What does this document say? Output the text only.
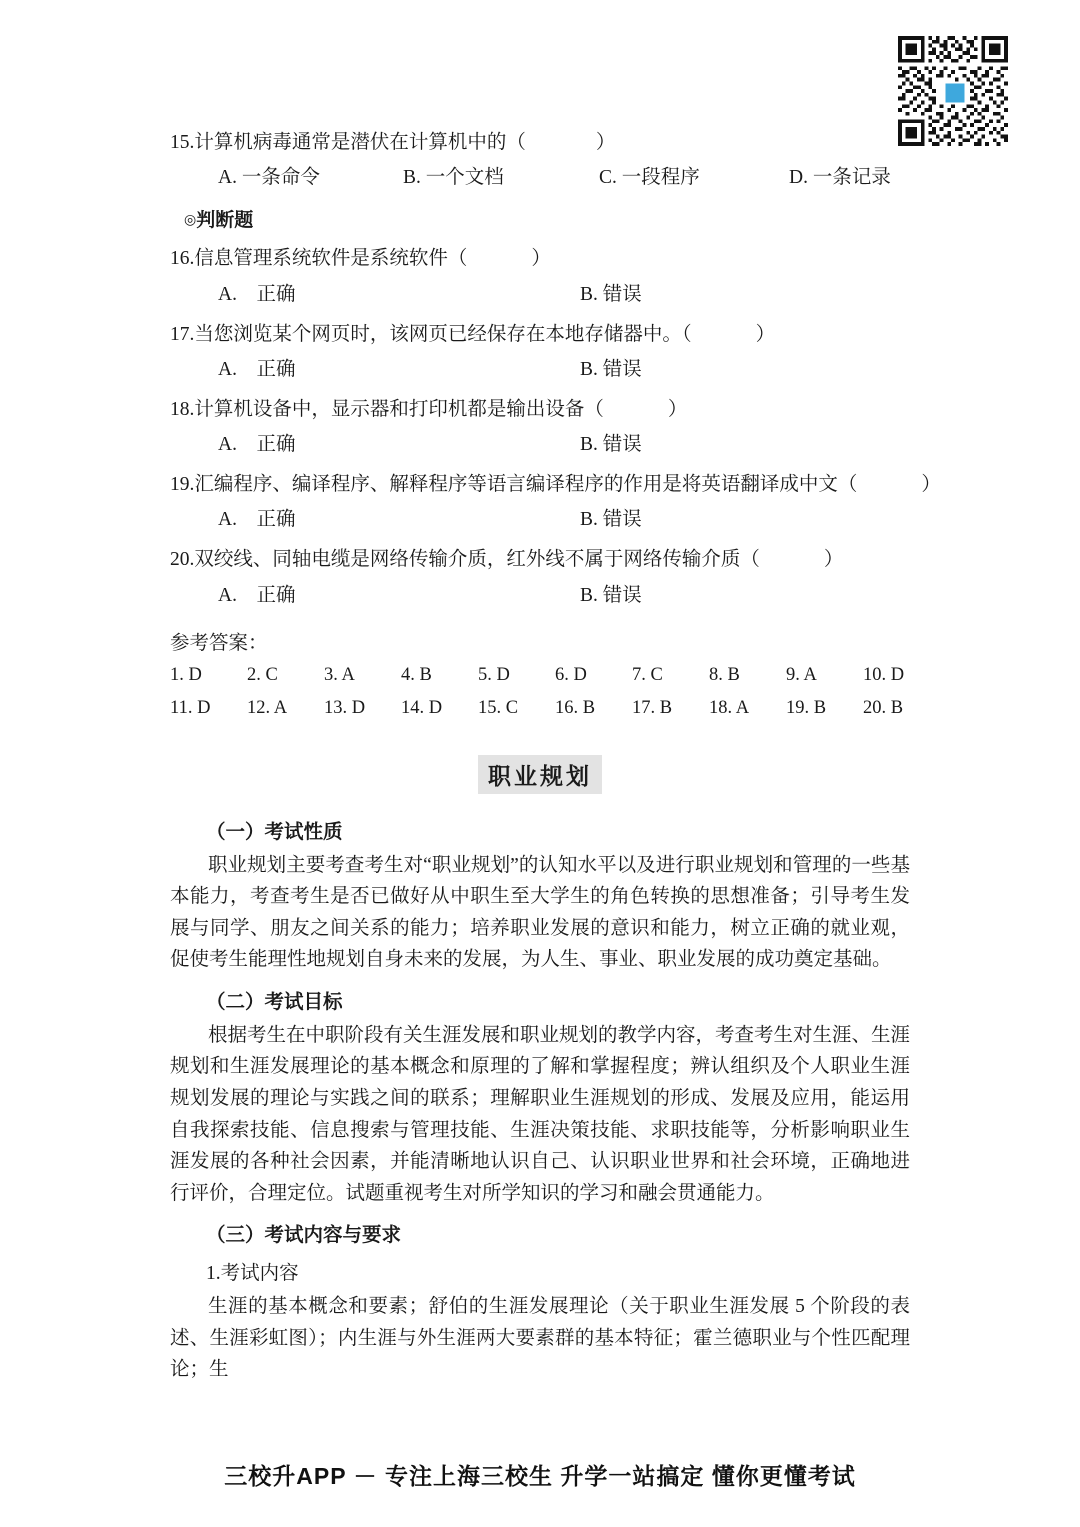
15.计算机病毒通常是潜伏在计算机中的（	）

A. 一条命令	B. 一个文档	C. 一段程序	D. 一条记录
◎判断题

16.信息管理系统软件是系统软件（	）

A.　正确	B. 错误

17.当您浏览某个网页时，该网页已经保存在本地存储器中。（	）

A.　正确	B. 错误

18.计算机设备中，显示器和打印机都是输出设备（	）

A.　正确	B. 错误

19.汇编程序、编译程序、解释程序等语言编译程序的作用是将英语翻译成中文（	）

A.　正确	B. 错误

20.双绞线、同轴电缆是网络传输介质，红外线不属于网络传输介质（	）

A.　正确	B. 错误
参考答案：
1. D	2. C	3. A	4. B	5. D	6. D	7. C	8. B	9. A	10. D
11. D	12. A	13. D	14. D	15. C	16. B	17. B	18. A	19. B	20. B
职业规划
（一）考试性质

职业规划主要考查考生对“职业规划”的认知水平以及进行职业规划和管理的一些基本能力，考查考生是否已做好从中职生至大学生的角色转换的思想准备；引导考生发展与同学、朋友之间关系的能力；培养职业发展的意识和能力，树立正确的就业观，促使考生能理性地规划自身未来的发展，为人生、事业、职业发展的成功奠定基础。

（二）考试目标

根据考生在中职阶段有关生涯发展和职业规划的教学内容，考查考生对生涯、生涯规划和生涯发展理论的基本概念和原理的了解和掌握程度；辨认组织及个人职业生涯规划发展的理论与实践之间的联系；理解职业生涯规划的形成、发展及应用，能运用自我探索技能、信息搜索与管理技能、生涯决策技能、求职技能等，分析影响职业生涯发展的各种社会因素，并能清晰地认识自己、认识职业世界和社会环境，正确地进行评价，合理定位。试题重视考生对所学知识的学习和融会贯通能力。

（三）考试内容与要求
1.考试内容

生涯的基本概念和要素；舒伯的生涯发展理论（关于职业生涯发展 5 个阶段的表述、生涯彩虹图）；内生涯与外生涯两大要素群的基本特征；霍兰德职业与个性匹配理论；生

三校升APP － 专注上海三校生 升学一站搞定 懂你更懂考试
